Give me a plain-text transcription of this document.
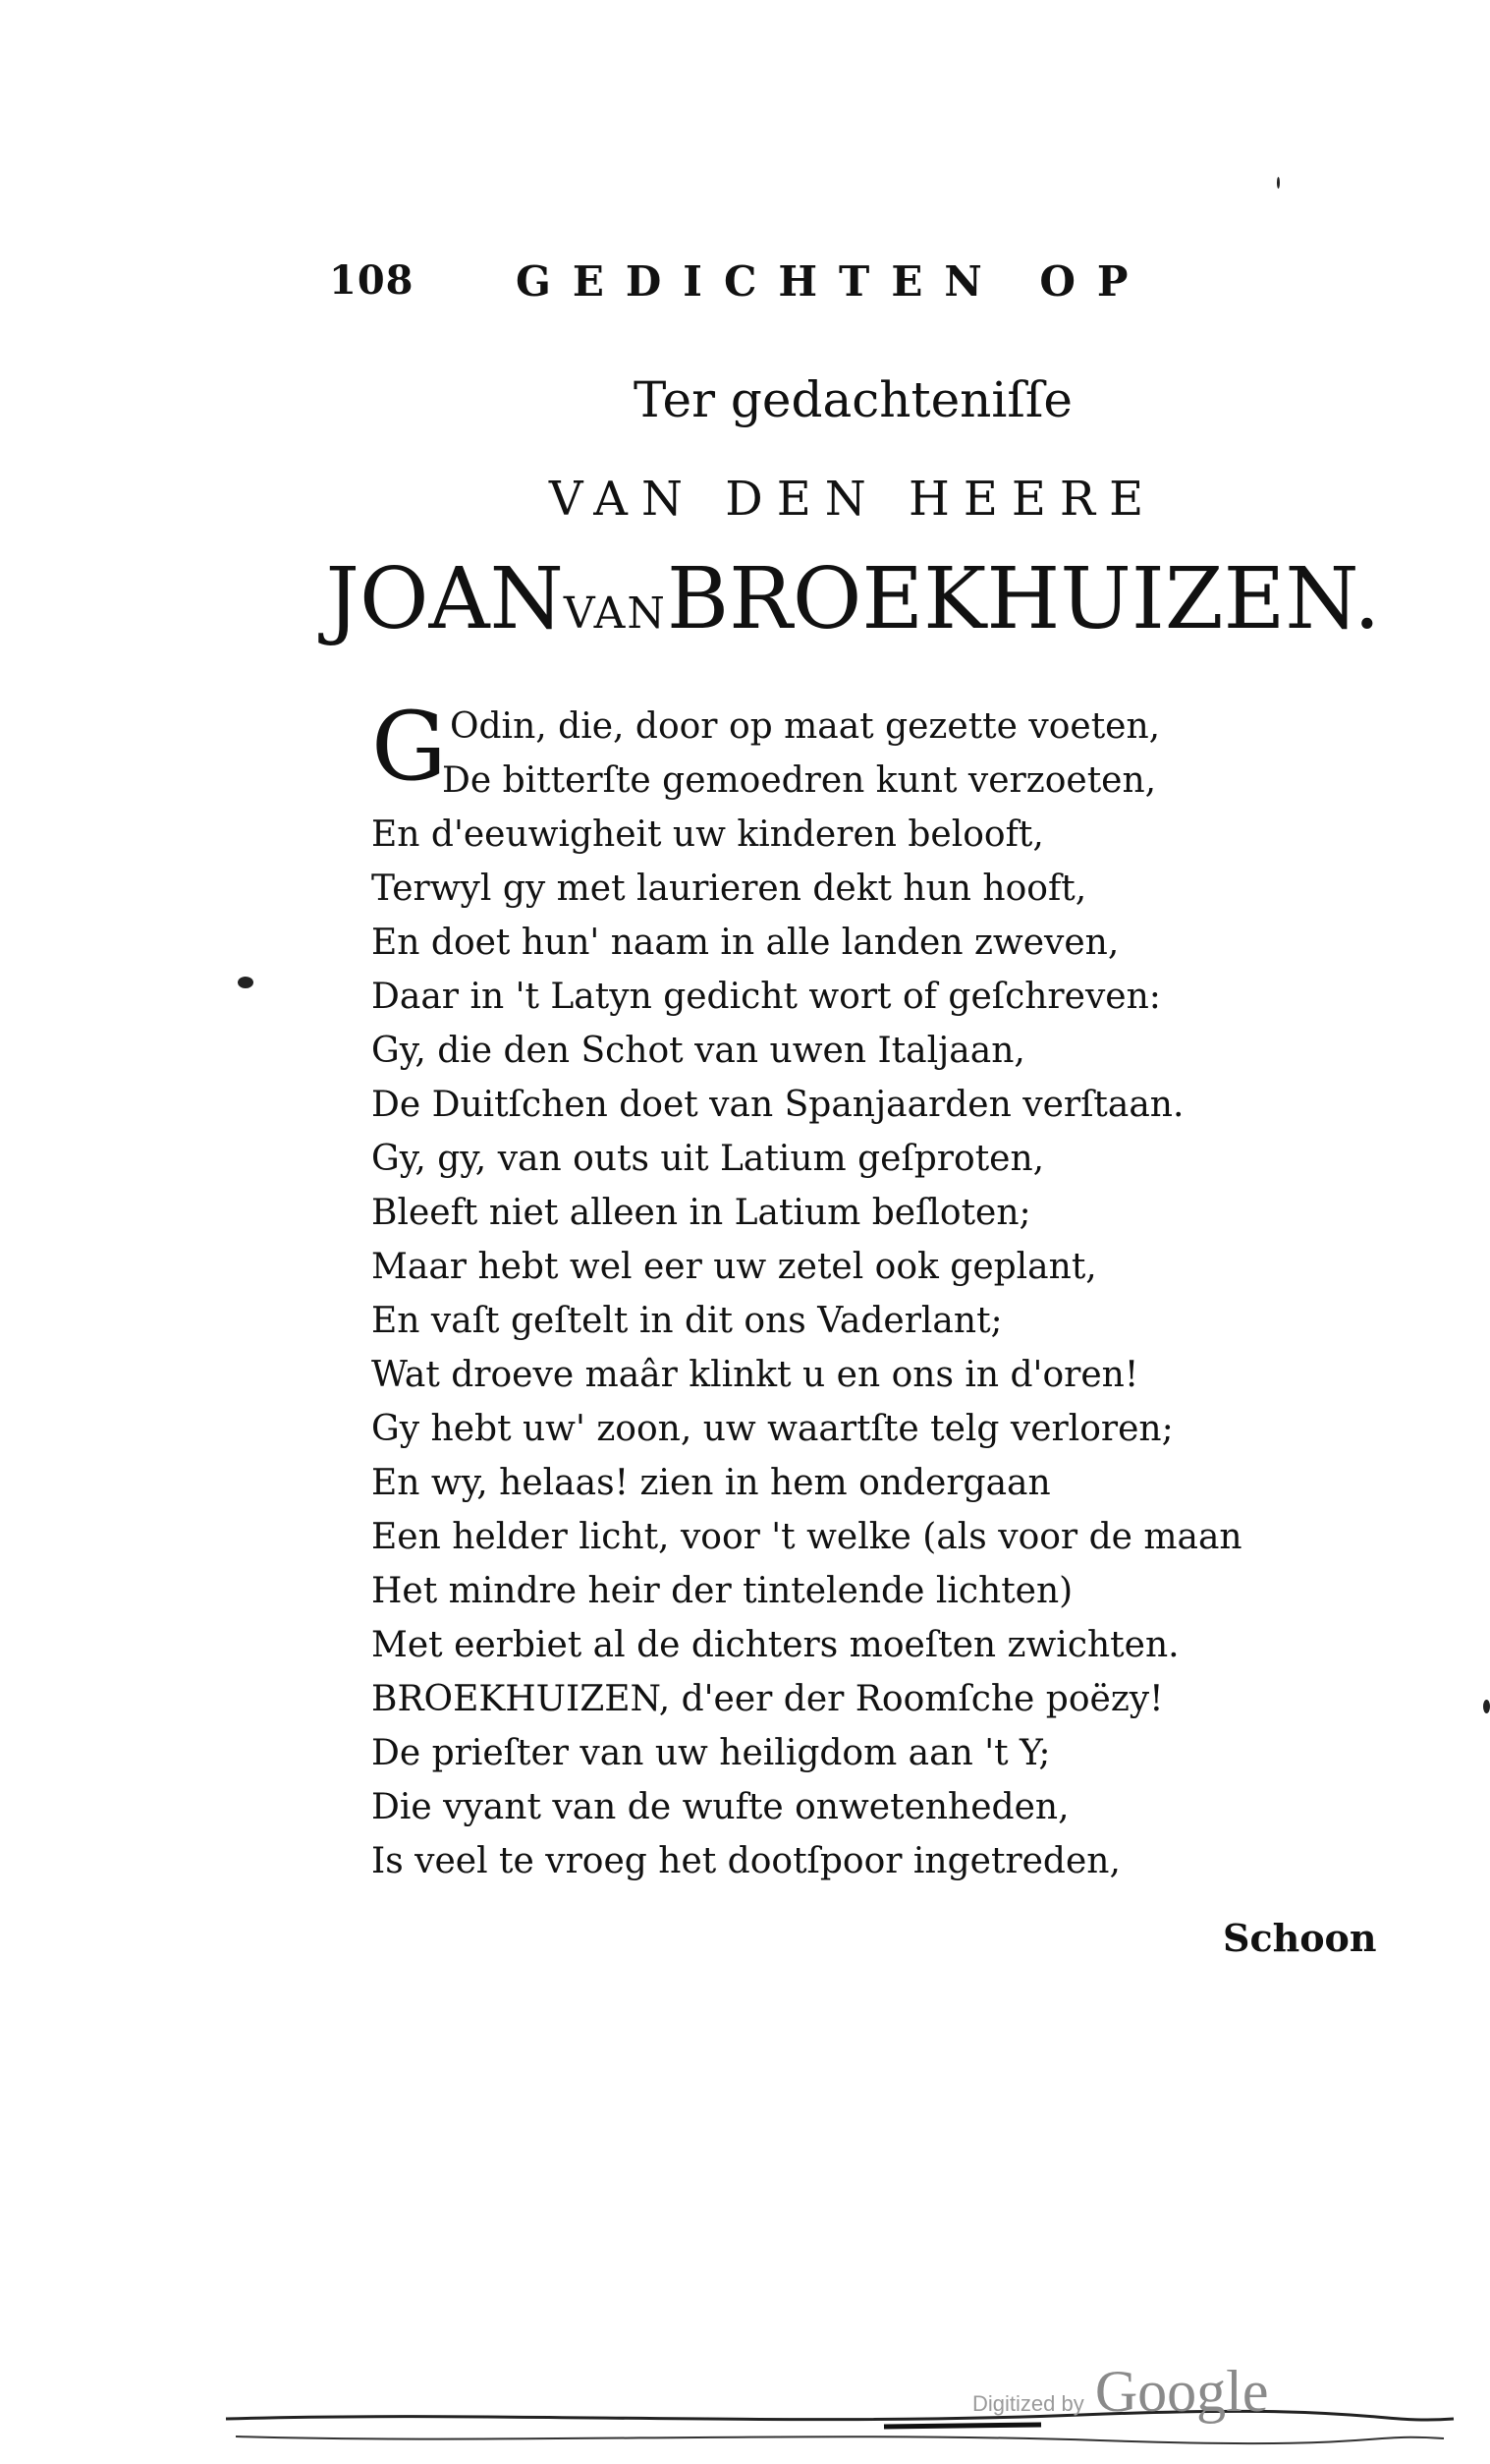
108 GEDICHTEN OP
Ter gedachteniſſe
VAN DEN HEERE
JOANVANBROEKHUIZEN.
G Odin, die, door op maat gezette voeten,
De bitterſte gemoedren kunt verzoeten,
En d'eeuwigheit uw kinderen belooft,
Terwyl gy met laurieren dekt hun hooft,
En doet hun' naam in alle landen zweven,
Daar in 't Latyn gedicht wort of geſchreven:
Gy, die den Schot van uwen Italjaan,
De Duitſchen doet van Spanjaarden verſtaan.
Gy, gy, van outs uit Latium geſproten,
Bleeft niet alleen in Latium beſloten;
Maar hebt wel eer uw zetel ook geplant,
En vaſt geſtelt in dit ons Vaderlant;
Wat droeve maâr klinkt u en ons in d'oren!
Gy hebt uw' zoon, uw waartſte telg verloren;
En wy, helaas! zien in hem ondergaan
Een helder licht, voor 't welke (als voor de maan
Het mindre heir der tintelende lichten)
Met eerbiet al de dichters moeſten zwichten.
BROEKHUIZEN, d'eer der Roomſche poëzy!
De prieſter van uw heiligdom aan 't Y;
Die vyant van de wufte onwetenheden,
Is veel te vroeg het dootſpoor ingetreden,
Schoon
Digitized by Google
